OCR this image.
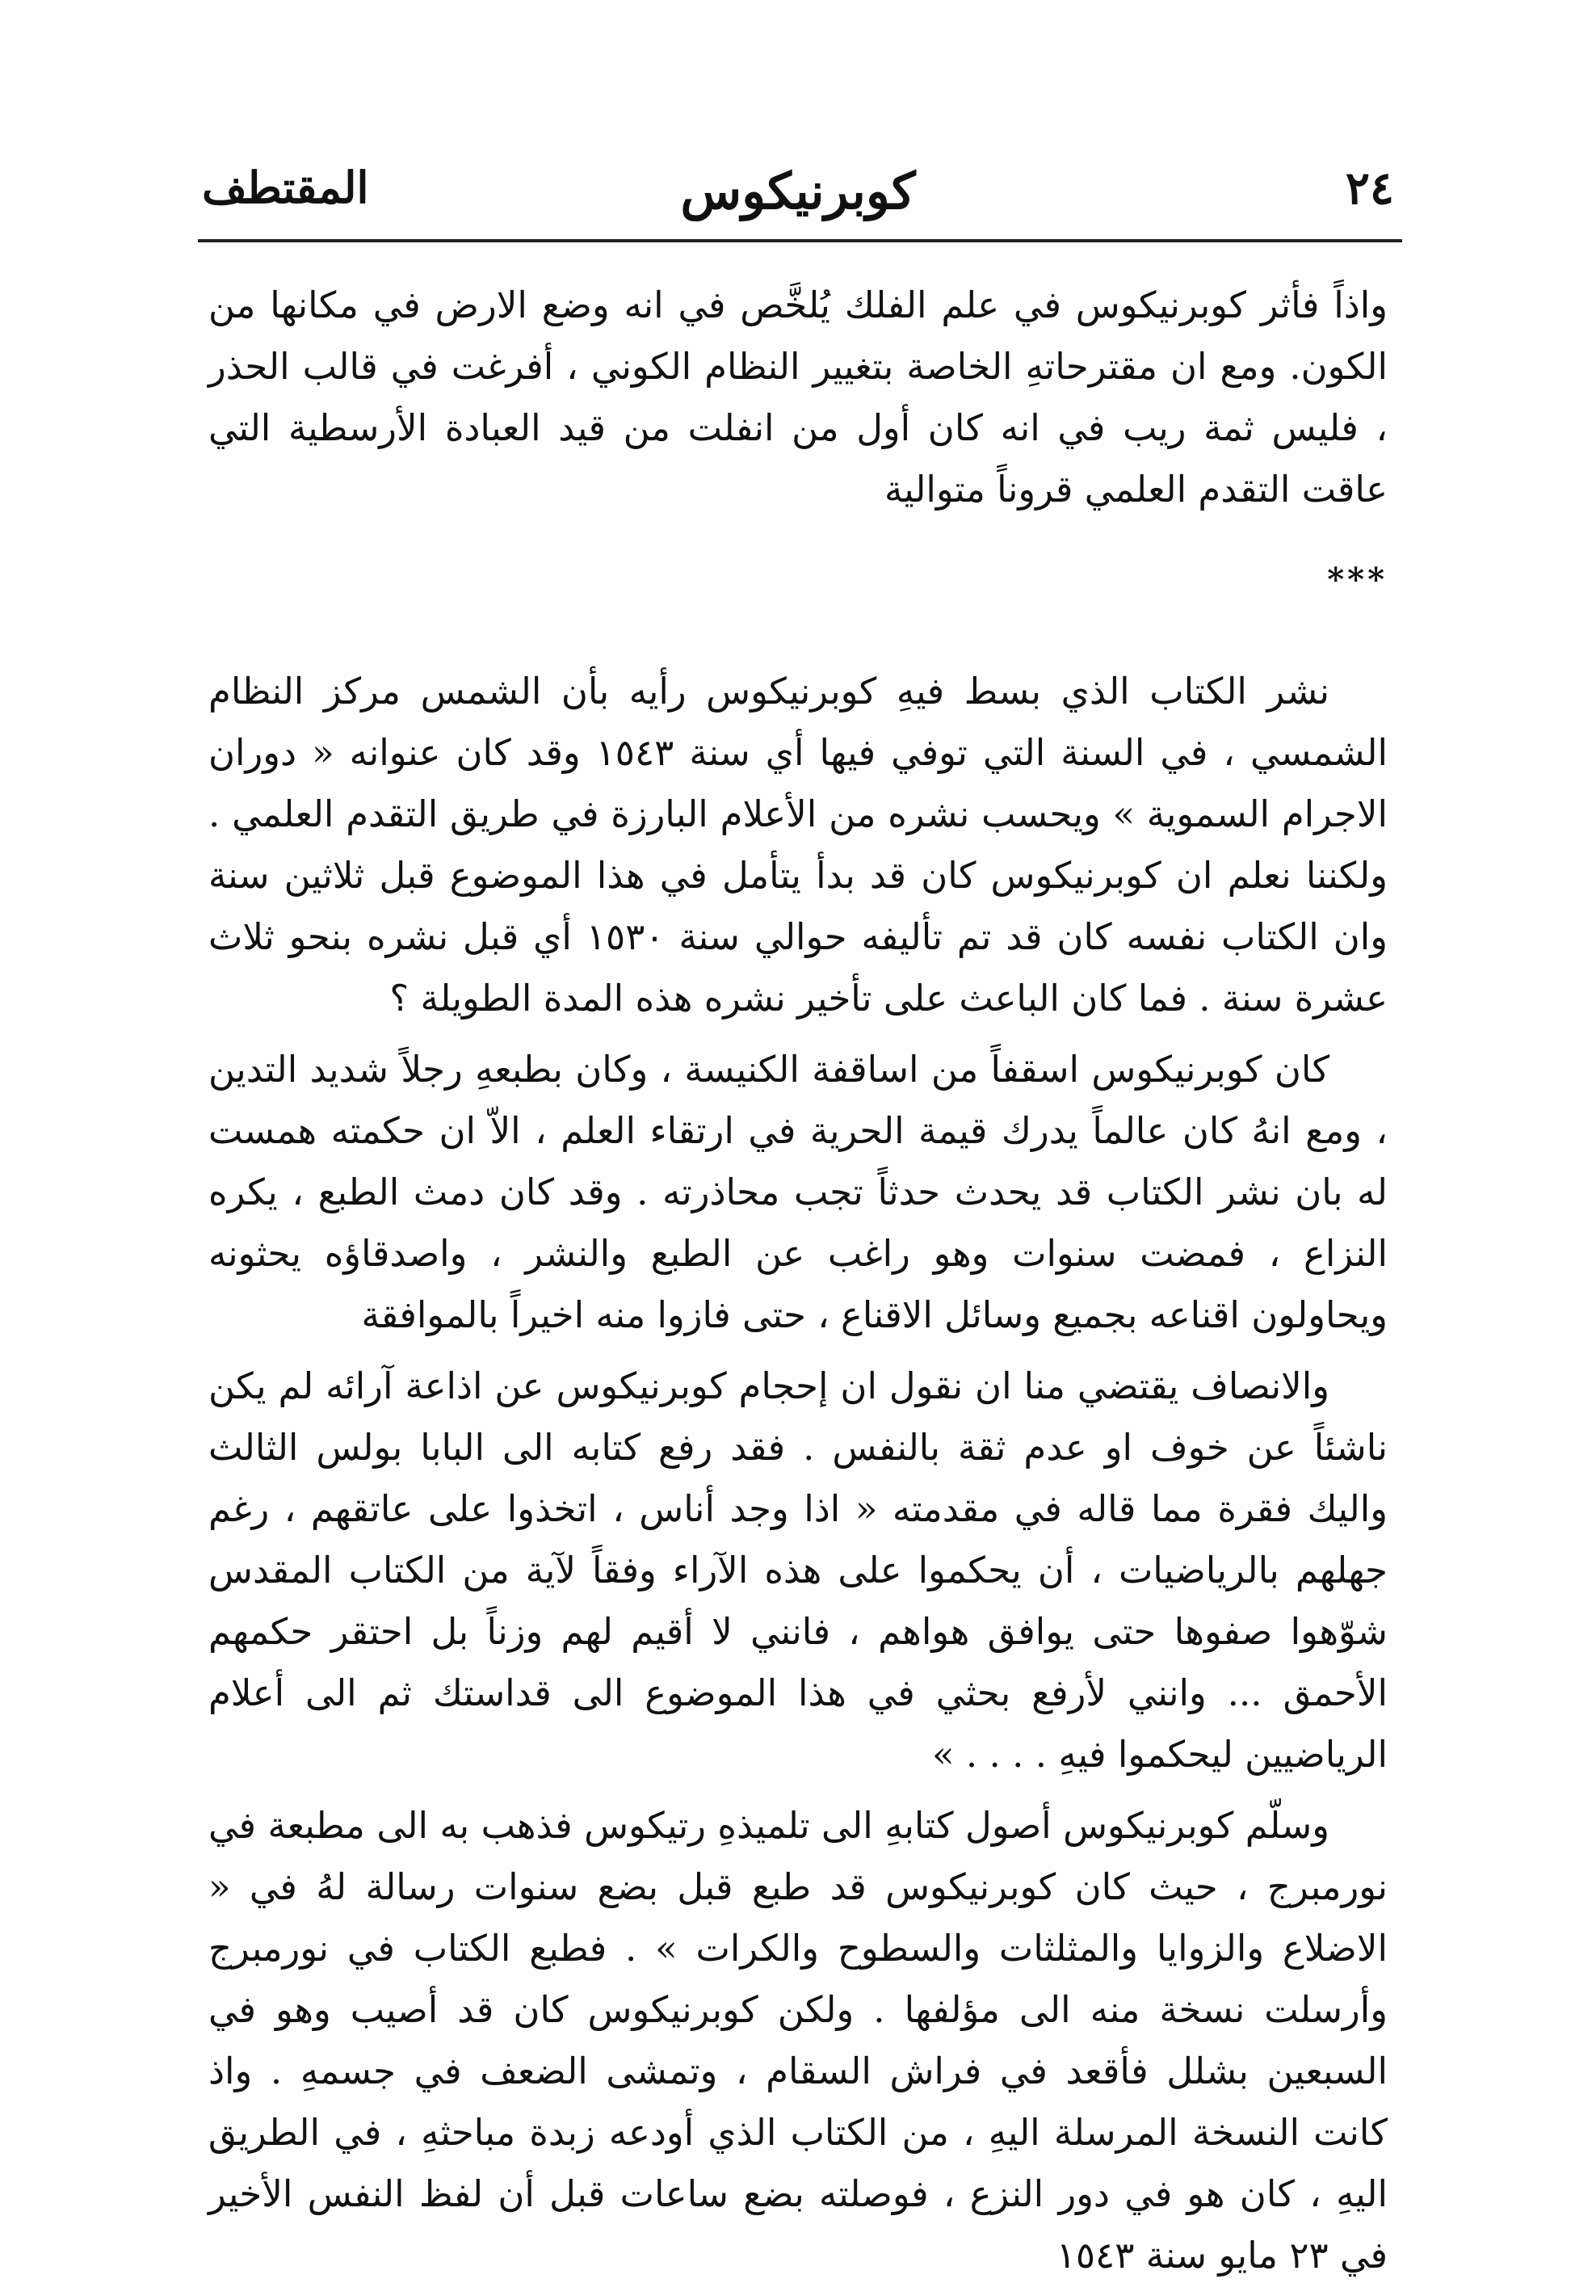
٢٤
كوبرنيكوس
المقتطف

واذاً فأثر كوبرنيكوس في علم الفلك يُلخَّص في انه وضع الارض في مكانها من الكون. ومع ان مقترحاتهِ الخاصة بتغيير النظام الكوني ، أفرغت في قالب الحذر ، فليس ثمة ريب في انه كان أول من انفلت من قيد العبادة الأرسطية التي عاقت التقدم العلمي قروناً متوالية

***

نشر الكتاب الذي بسط فيهِ كوبرنيكوس رأيه بأن الشمس مركز النظام الشمسي ، في السنة التي توفي فيها أي سنة ١٥٤٣ وقد كان عنوانه « دوران الاجرام السموية » ويحسب نشره من الأعلام البارزة في طريق التقدم العلمي . ولكننا نعلم ان كوبرنيكوس كان قد بدأ يتأمل في هذا الموضوع قبل ثلاثين سنة وان الكتاب نفسه كان قد تم تأليفه حوالي سنة ١٥٣٠ أي قبل نشره بنحو ثلاث عشرة سنة . فما كان الباعث على تأخير نشره هذه المدة الطويلة ؟

كان كوبرنيكوس اسقفاً من اساقفة الكنيسة ، وكان بطبعهِ رجلاً شديد التدين ، ومع انهُ كان عالماً يدرك قيمة الحرية في ارتقاء العلم ، الاّ ان حكمته همست له بان نشر الكتاب قد يحدث حدثاً تجب محاذرته . وقد كان دمث الطبع ، يكره النزاع ، فمضت سنوات وهو راغب عن الطبع والنشر ، واصدقاؤه يحثونه ويحاولون اقناعه بجميع وسائل الاقناع ، حتى فازوا منه اخيراً بالموافقة

والانصاف يقتضي منا ان نقول ان إحجام كوبرنيكوس عن اذاعة آرائه لم يكن ناشئاً عن خوف او عدم ثقة بالنفس . فقد رفع كتابه الى البابا بولس الثالث واليك فقرة مما قاله في مقدمته « اذا وجد أناس ، اتخذوا على عاتقهم ، رغم جهلهم بالرياضيات ، أن يحكموا على هذه الآراء وفقاً لآية من الكتاب المقدس شوّهوا صفوها حتى يوافق هواهم ، فانني لا أقيم لهم وزناً بل احتقر حكمهم الأحمق ... وانني لأرفع بحثي في هذا الموضوع الى قداستك ثم الى أعلام الرياضيين ليحكموا فيهِ . . . . »

وسلّم كوبرنيكوس أصول كتابهِ الى تلميذهِ رتيكوس فذهب به الى مطبعة في نورمبرج ، حيث كان كوبرنيكوس قد طبع قبل بضع سنوات رسالة لهُ في « الاضلاع والزوايا والمثلثات والسطوح والكرات » . فطبع الكتاب في نورمبرج وأرسلت نسخة منه الى مؤلفها . ولكن كوبرنيكوس كان قد أصيب وهو في السبعين بشلل فأقعد في فراش السقام ، وتمشى الضعف في جسمهِ . واذ كانت النسخة المرسلة اليهِ ، من الكتاب الذي أودعه زبدة مباحثهِ ، في الطريق اليهِ ، كان هو في دور النزع ، فوصلته بضع ساعات قبل أن لفظ النفس الأخير في ٢٣ مايو سنة ١٥٤٣
